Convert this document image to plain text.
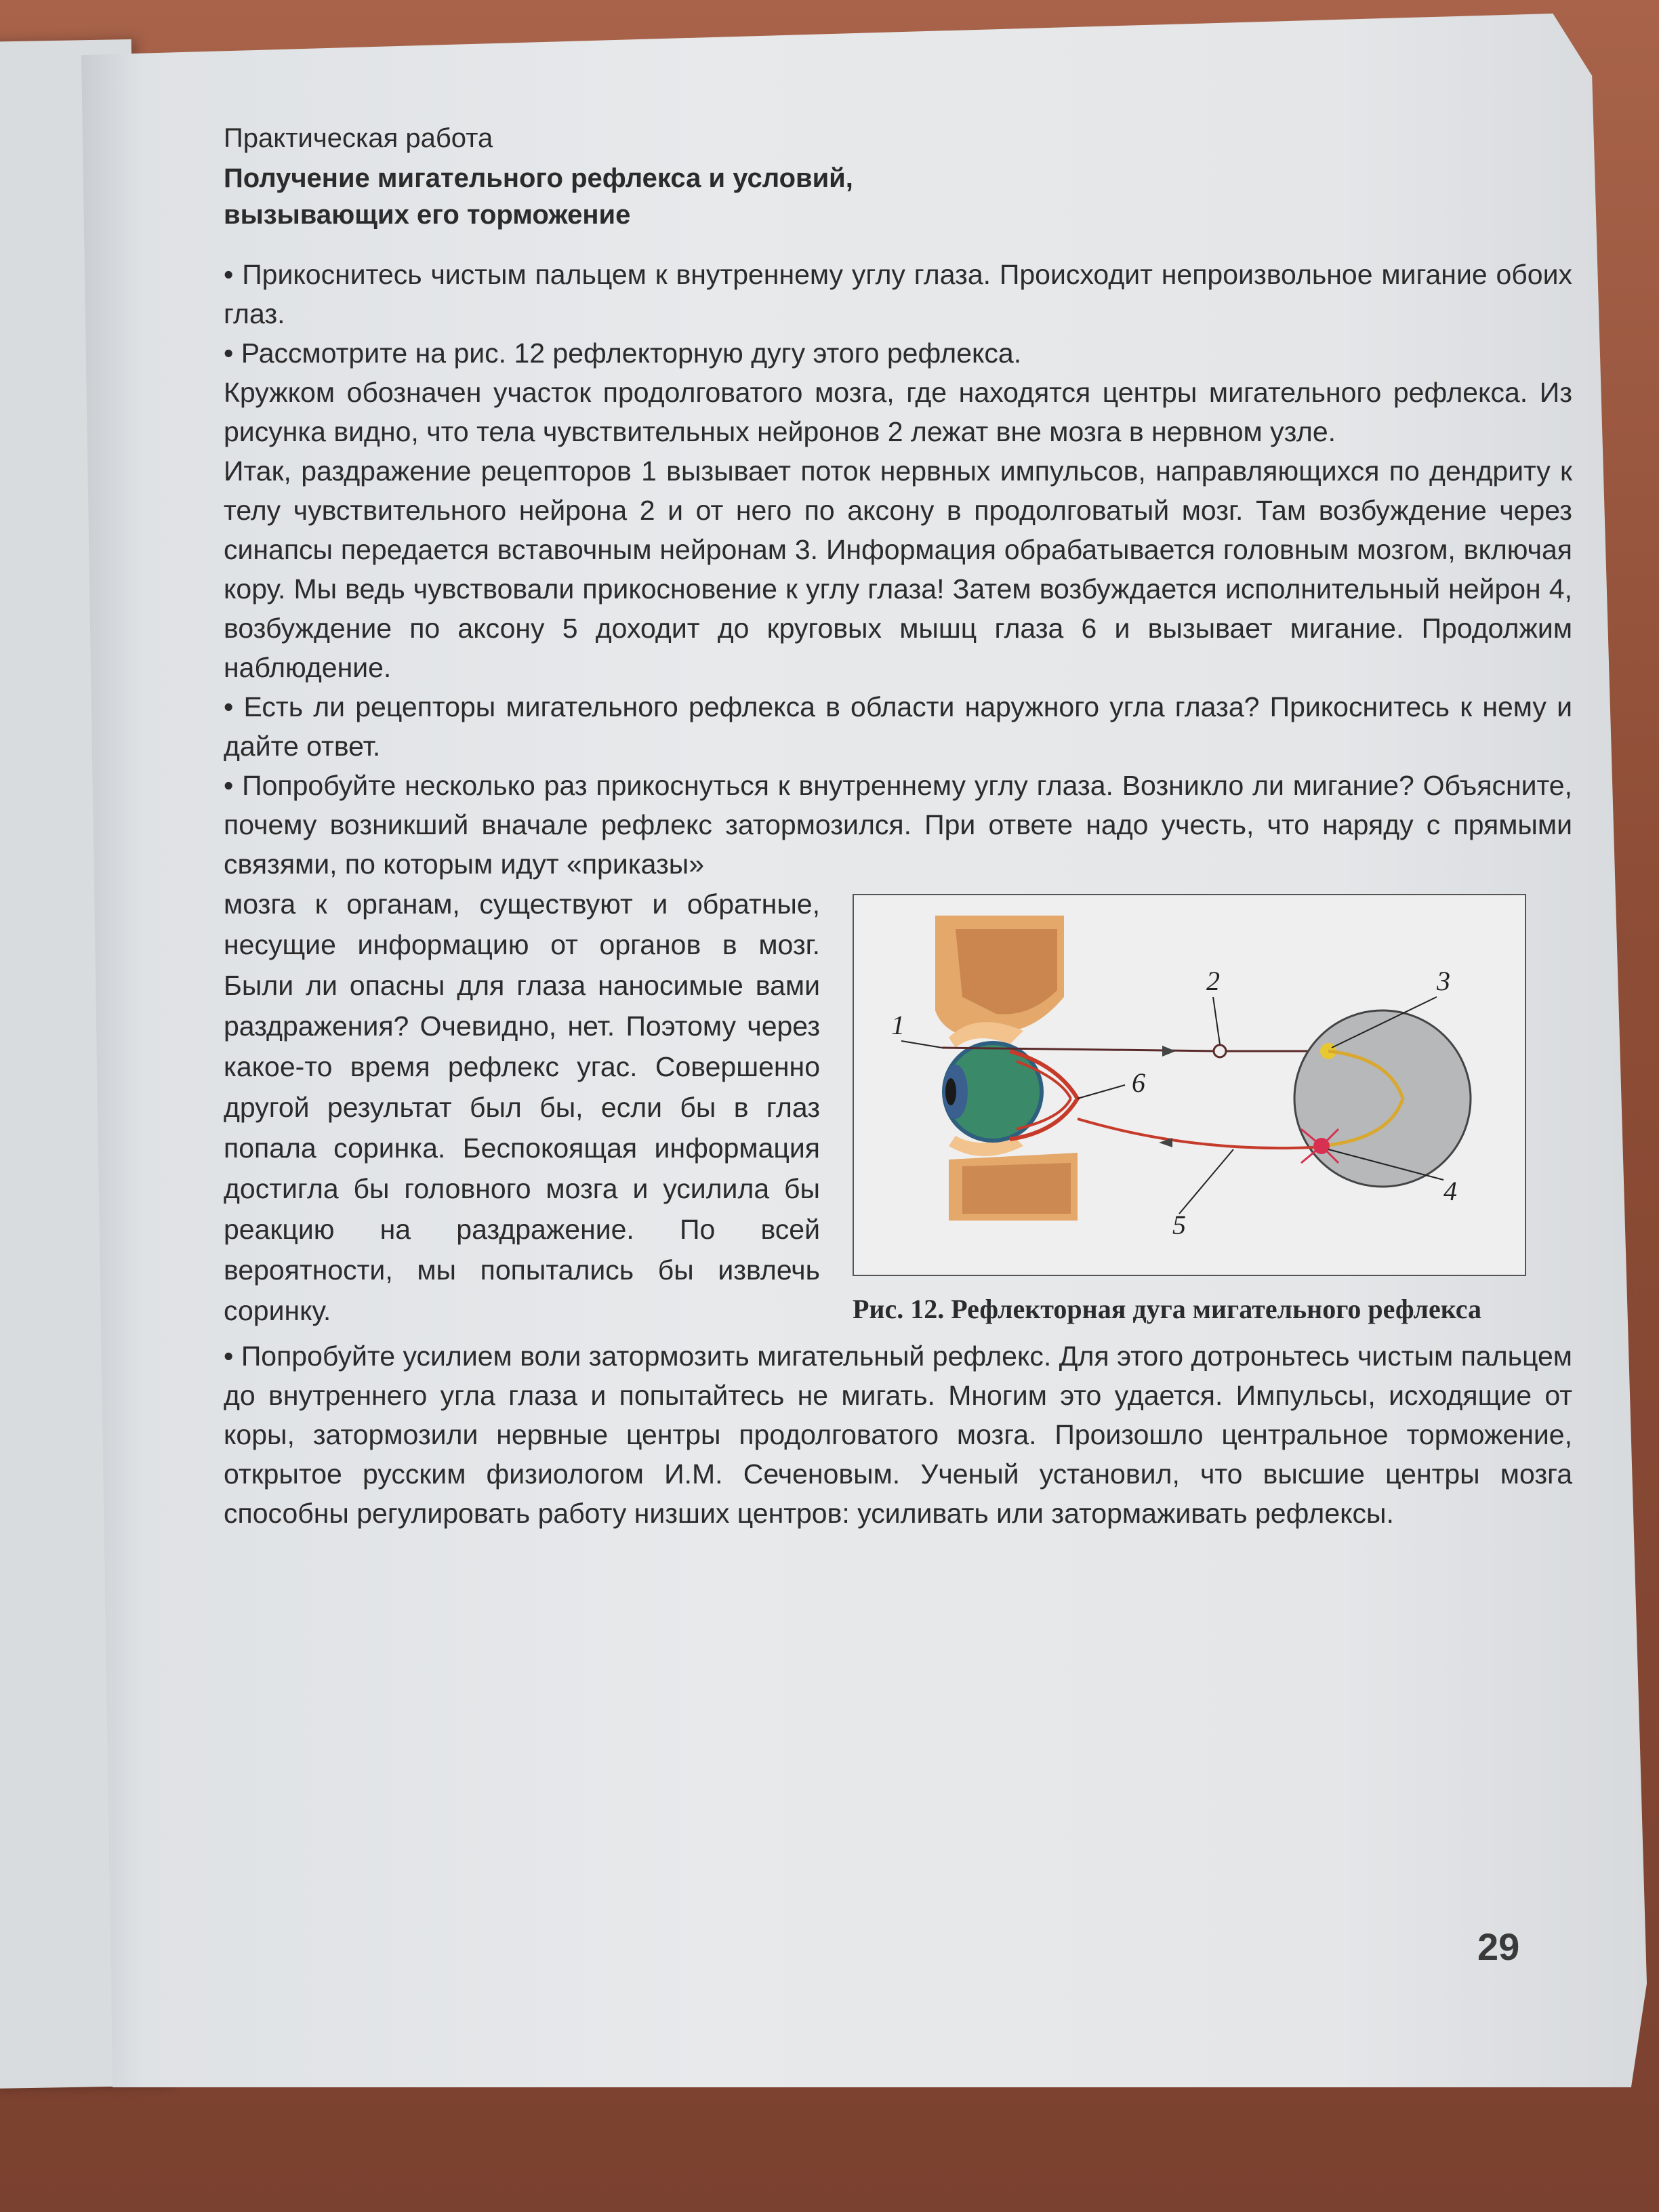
Практическая работа

Получение мигательного рефлекса и условий,

вызывающих его торможение

• Прикоснитесь чистым пальцем к внутреннему углу глаза. Происходит непроизвольное мигание обоих глаз.

• Рассмотрите на рис. 12 рефлекторную дугу этого рефлекса.

Кружком обозначен участок продолговатого мозга, где находятся центры мигательного рефлекса. Из рисунка видно, что тела чувствительных нейронов 2 лежат вне мозга в нервном узле.

Итак, раздражение рецепторов 1 вызывает поток нервных импульсов, направляющихся по дендриту к телу чувствительного нейрона 2 и от него по аксону в продолговатый мозг. Там возбуждение через синапсы передается вставочным нейронам 3. Информация обрабатывается головным мозгом, включая кору. Мы ведь чувствовали прикосновение к углу глаза! Затем возбуждается исполнительный нейрон 4, возбуждение по аксону 5 доходит до круговых мышц глаза 6 и вызывает мигание. Продолжим наблюдение.

• Есть ли рецепторы мигательного рефлекса в области наружного угла глаза? Прикоснитесь к нему и дайте ответ.

• Попробуйте несколько раз прикоснуться к внутреннему углу глаза. Возникло ли мигание? Объясните, почему возникший вначале рефлекс затормозился. При ответе надо учесть, что наряду с прямыми связями, по которым идут «приказы»

мозга к органам, существуют и обратные, несущие информацию от органов в мозг. Были ли опасны для глаза наносимые вами раздражения? Очевидно, нет. Поэтому через какое-то время рефлекс угас. Совершенно другой результат был бы, если бы в глаз попала соринка. Беспокоящая информация достигла бы головного мозга и усилила бы реакцию на раздражение. По всей вероятности, мы попытались бы извлечь соринку.
1
2	3
4
5
6
Рис. 12. Рефлекторная дуга мигательного рефлекса

• Попробуйте усилием воли затормозить мигательный рефлекс. Для этого дотроньтесь чистым пальцем до внутреннего угла глаза и попытайтесь не мигать. Многим это удается. Импульсы, исходящие от коры, затормозили нервные центры продолговатого мозга. Произошло центральное торможение, открытое русским физиологом И.М. Сеченовым. Ученый установил, что высшие центры мозга способны регулировать работу низших центров: усиливать или затормаживать рефлексы.

29
